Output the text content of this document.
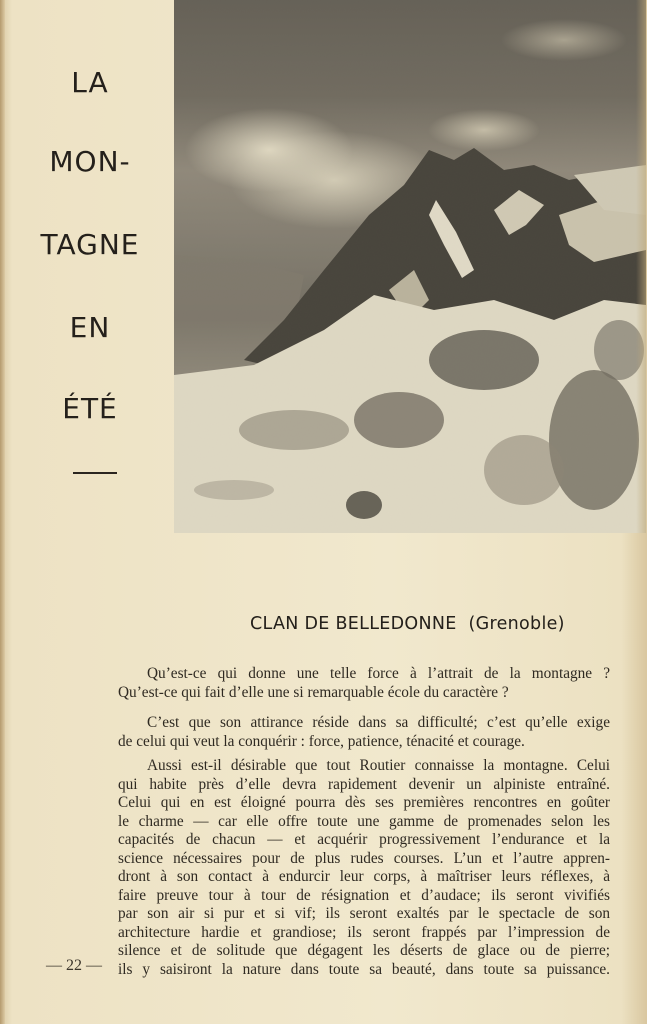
LA
MON-
TAGNE
EN
ÉTÉ
CLAN DE BELLEDONNE (Grenoble)
Qu’est-ce qui donne une telle force à l’attrait de la montagne ?
Qu’est-ce qui fait d’elle une si remarquable école du caractère ?
C’est que son attirance réside dans sa difficulté; c’est qu’elle exige
de celui qui veut la conquérir : force, patience, ténacité et courage.
Aussi est-il désirable que tout Routier connaisse la montagne. Celui
qui habite près d’elle devra rapidement devenir un alpiniste entraîné.
Celui qui en est éloigné pourra dès ses premières rencontres en goûter
le charme — car elle offre toute une gamme de promenades selon les
capacités de chacun — et acquérir progressivement l’endurance et la
science nécessaires pour de plus rudes courses. L’un et l’autre appren-
dront à son contact à endurcir leur corps, à maîtriser leurs réflexes, à
faire preuve tour à tour de résignation et d’audace; ils seront vivifiés
par son air si pur et si vif; ils seront exaltés par le spectacle de son
architecture hardie et grandiose; ils seront frappés par l’impression de
silence et de solitude que dégagent les déserts de glace ou de pierre;
ils y saisiront la nature dans toute sa beauté, dans toute sa puissance.
— 22 —
